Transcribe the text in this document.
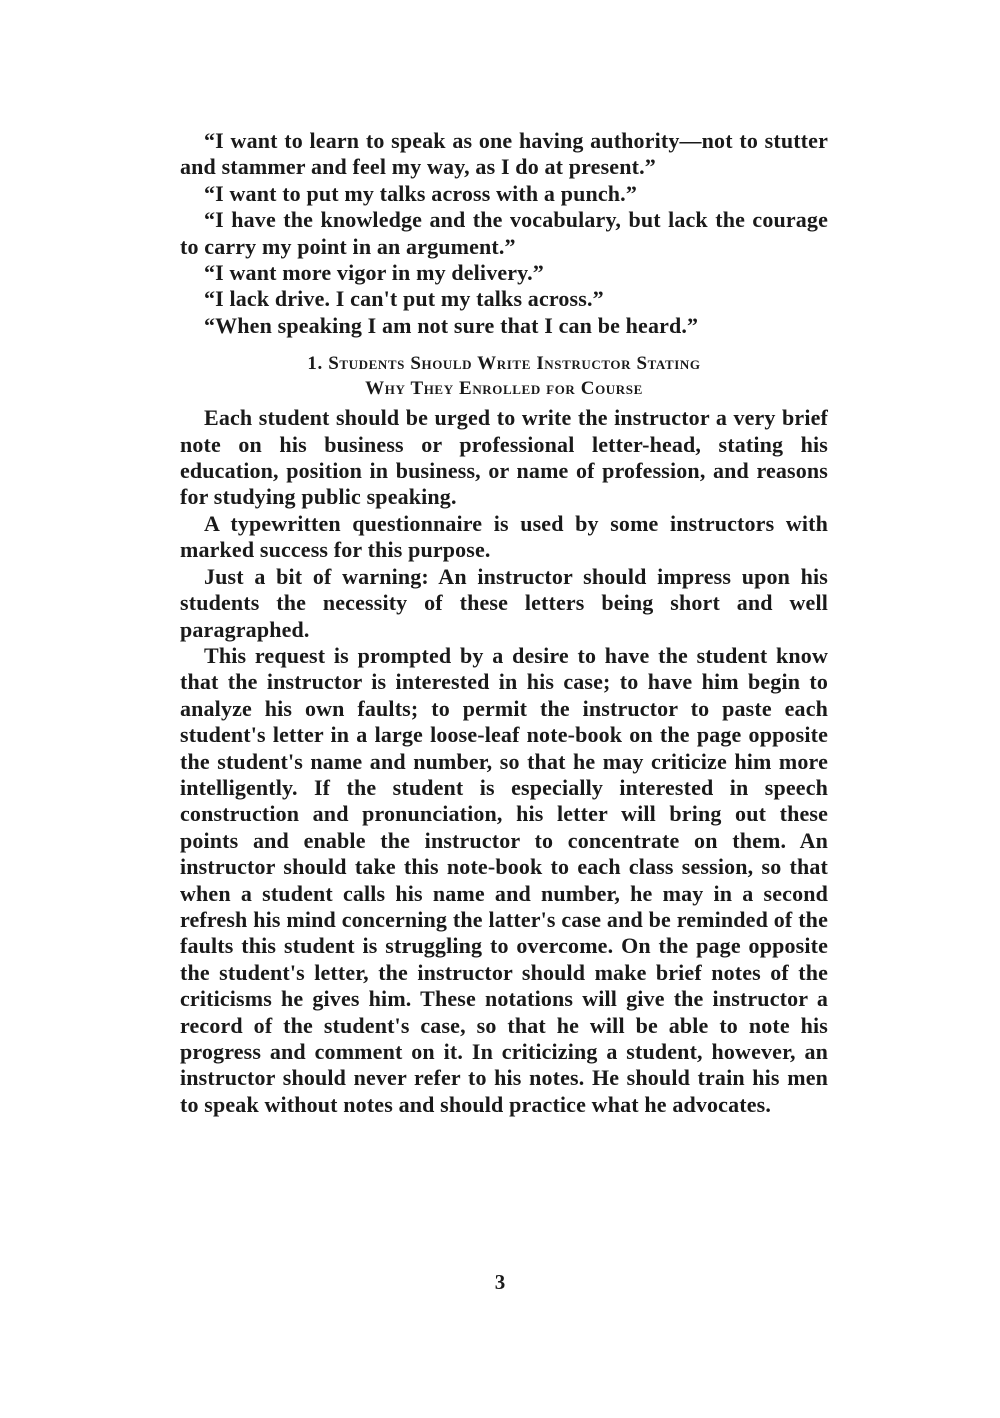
“I want to learn to speak as one having authority—not to stutter and stammer and feel my way, as I do at present.”

“I want to put my talks across with a punch.”

“I have the knowledge and the vocabulary, but lack the courage to carry my point in an argument.”

“I want more vigor in my delivery.”

“I lack drive. I can't put my talks across.”

“When speaking I am not sure that I can be heard.”

1. Students Should Write Instructor Stating
Why They Enrolled for Course

Each student should be urged to write the instructor a very brief note on his business or professional letter-head, stating his education, position in business, or name of profession, and reasons for studying public speaking.

A typewritten questionnaire is used by some instructors with marked success for this purpose.

Just a bit of warning: An instructor should impress upon his students the necessity of these letters being short and well paragraphed.

This request is prompted by a desire to have the student know that the instructor is interested in his case; to have him begin to analyze his own faults; to permit the instructor to paste each student's letter in a large loose-leaf note-book on the page opposite the student's name and number, so that he may criticize him more intelligently. If the student is especially interested in speech construction and pronunciation, his letter will bring out these points and enable the instructor to concentrate on them. An instructor should take this note-book to each class session, so that when a student calls his name and number, he may in a second refresh his mind concerning the latter's case and be reminded of the faults this student is struggling to overcome. On the page opposite the student's letter, the instructor should make brief notes of the criticisms he gives him. These notations will give the instructor a record of the student's case, so that he will be able to note his progress and comment on it. In criticizing a student, however, an instructor should never refer to his notes. He should train his men to speak without notes and should practice what he advocates.

3
